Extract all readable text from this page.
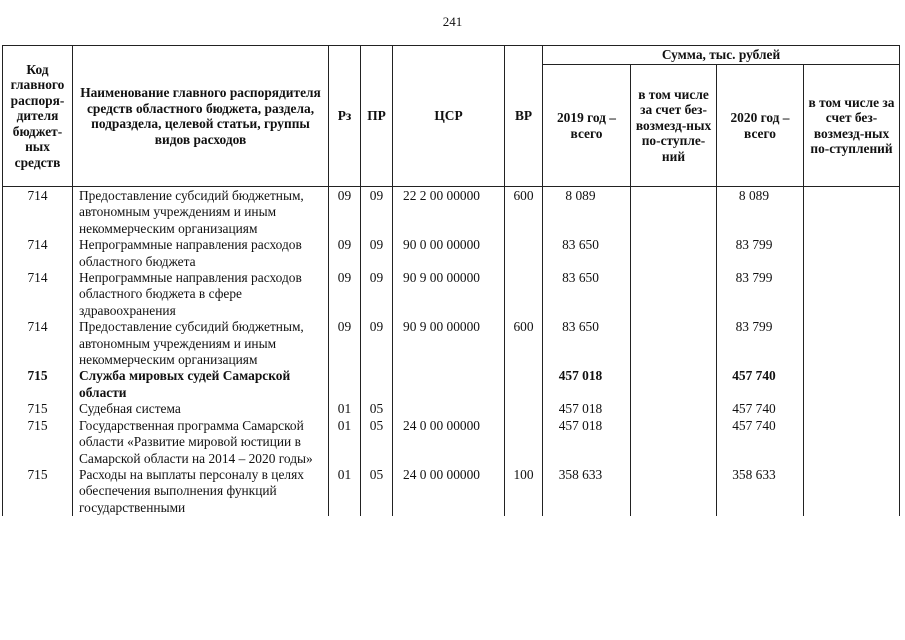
241
Код главного распоря-дителя бюджет-ных средств	Наименование главного распорядителя средств областного бюджета, раздела, подраздела, целевой статьи, группы видов расходов	Рз	ПР	ЦСР	ВР	Сумма, тыс. рублей			
						2019 год – всего	в том числе за счет без-возмезд-ных по-ступле-ний	2020 год – всего	в том числе за счет без-возмезд-ных по-ступлений
714	Предоставление субсидий бюджетным, автономным учреждениям и иным некоммерческим организациям	09	09	22 2 00 00000	600	8 089		8 089	
714	Непрограммные направления расходов областного бюджета	09	09	90 0 00 00000		83 650		83 799	
714	Непрограммные направления расходов областного бюджета в сфере здравоохранения	09	09	90 9 00 00000		83 650		83 799	
714	Предоставление субсидий бюджетным, автономным учреждениям и иным некоммерческим организациям	09	09	90 9 00 00000	600	83 650		83 799	
715	Служба мировых судей Самарской области					457 018		457 740	
715	Судебная система	01	05			457 018		457 740	
715	Государственная программа Самарской области «Развитие мировой юстиции в Самарской области на 2014 – 2020 годы»	01	05	24 0 00 00000		457 018		457 740	
715	Расходы на выплаты персоналу в целях обеспечения выполнения функций государственными	01	05	24 0 00 00000	100	358 633		358 633	
